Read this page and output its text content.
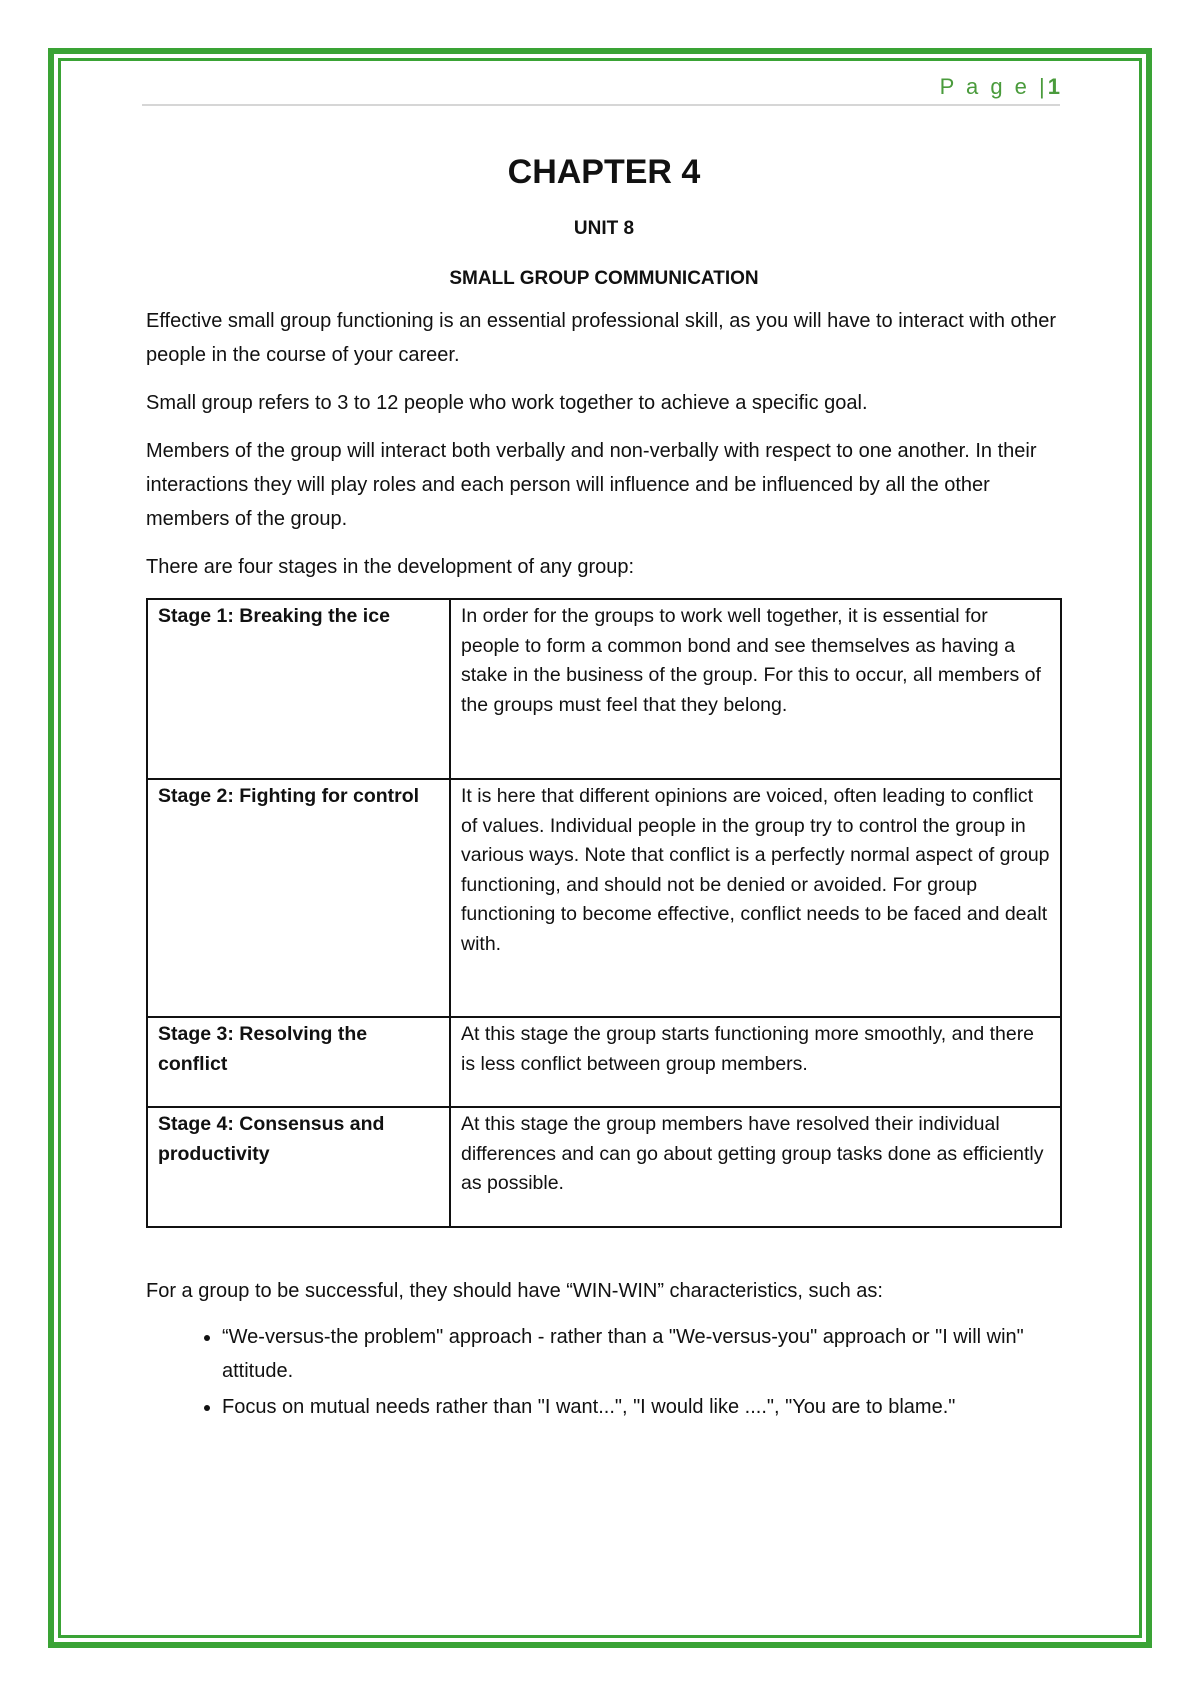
P a g e |1
CHAPTER 4
UNIT 8
SMALL GROUP COMMUNICATION

Effective small group functioning is an essential professional skill, as you will have to interact with other people in the course of your career.

Small group refers to 3 to 12 people who work together to achieve a specific goal.

Members of the group will interact both verbally and non-verbally with respect to one another. In their interactions they will play roles and each person will influence and be influenced by all the other members of the group.

There are four stages in the development of any group:

Stage 1: Breaking the ice	In order for the groups to work well together, it is essential for people to form a common bond and see themselves as having a stake in the business of the group. For this to occur, all members of the groups must feel that they belong.
Stage 2: Fighting for control	It is here that different opinions are voiced, often leading to conflict of values. Individual people in the group try to control the group in various ways. Note that conflict is a perfectly normal aspect of group functioning, and should not be denied or avoided. For group functioning to become effective, conflict needs to be faced and dealt with.
Stage 3: Resolving the conflict	At this stage the group starts functioning more smoothly, and there is less conflict between group members.
Stage 4: Consensus and productivity	At this stage the group members have resolved their individual differences and can go about getting group tasks done as efficiently as possible.

For a group to be successful, they should have “WIN-WIN” characteristics, such as:

• “We-versus-the problem" approach - rather than a "We-versus-you" approach or "I will win" attitude.
• Focus on mutual needs rather than "I want...", "I would like ....", "You are to blame."
